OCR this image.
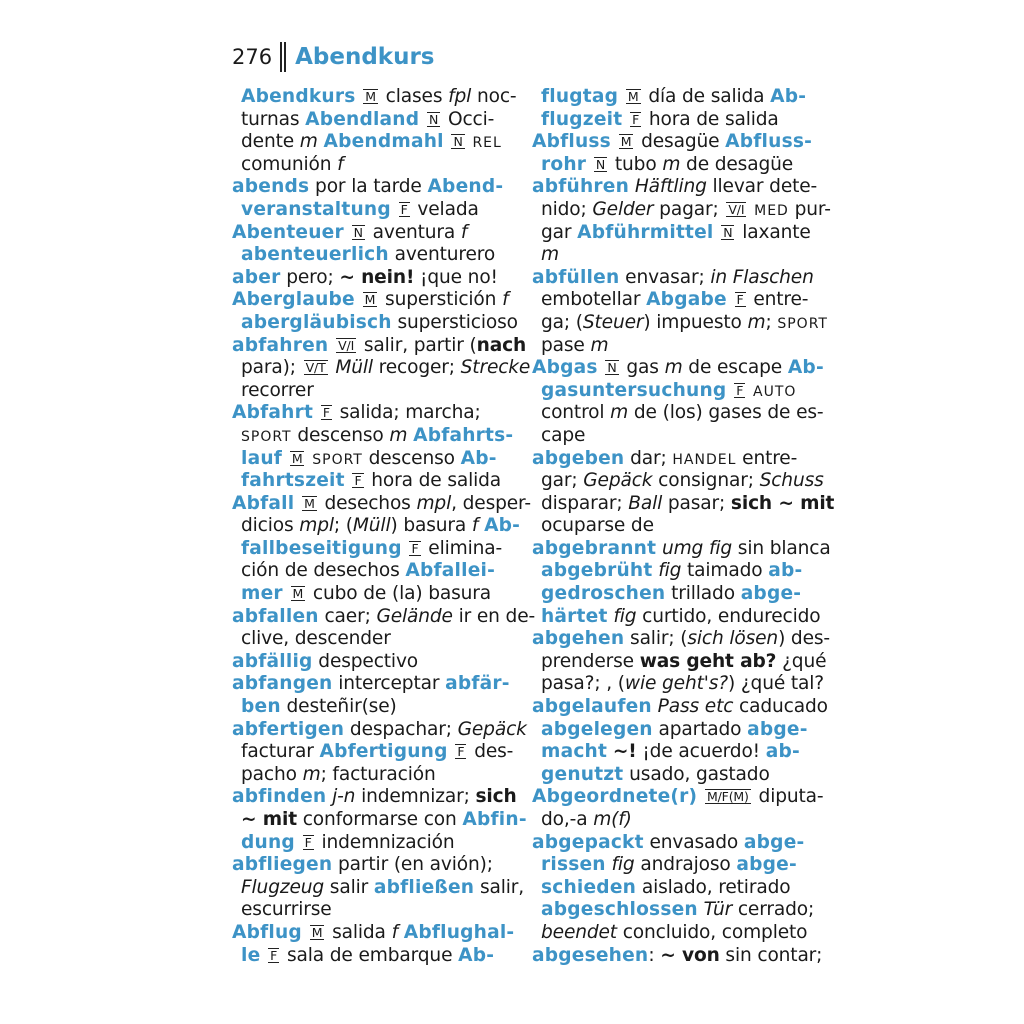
276 Abendkurs
Abendkurs M clases fpl noc-
turnas Abendland N Occi-
dente m Abendmahl N REL
comunión f
abends por la tarde Abend-
veranstaltung F velada
Abenteuer N aventura f
abenteuerlich aventurero
aber pero; ~ nein! ¡que no!
Aberglaube M superstición f
abergläubisch supersticioso
abfahren V/I salir, partir (nach
para); V/T Müll recoger; Strecke
recorrer
Abfahrt F salida; marcha;
SPORT descenso m Abfahrts-
lauf M SPORT descenso Ab-
fahrtszeit F hora de salida
Abfall M desechos mpl, desper-
dicios mpl; (Müll) basura f Ab-
fallbeseitigung F elimina-
ción de desechos Abfallei-
mer M cubo de (la) basura
abfallen caer; Gelände ir en de-
clive, descender
abfällig despectivo
abfangen interceptar abfär-
ben desteñir(se)
abfertigen despachar; Gepäck
facturar Abfertigung F des-
pacho m; facturación
abfinden j-n indemnizar; sich
~ mit conformarse con Abfin-
dung F indemnización
abfliegen partir (en avión);
Flugzeug salir abfließen salir,
escurrirse
Abflug M salida f Abflughal-
le F sala de embarque Ab-
flugtag M día de salida Ab-
flugzeit F hora de salida
Abfluss M desagüe Abfluss-
rohr N tubo m de desagüe
abführen Häftling llevar dete-
nido; Gelder pagar; V/I MED pur-
gar Abführmittel N laxante
m
abfüllen envasar; in Flaschen
embotellar Abgabe F entre-
ga; (Steuer) impuesto m; SPORT
pase m
Abgas N gas m de escape Ab-
gasuntersuchung F AUTO
control m de (los) gases de es-
cape
abgeben dar; HANDEL entre-
gar; Gepäck consignar; Schuss
disparar; Ball pasar; sich ~ mit
ocuparse de
abgebrannt umg fig sin blanca
abgebrüht fig taimado ab-
gedroschen trillado abge-
härtet fig curtido, endurecido
abgehen salir; (sich lösen) des-
prenderse was geht ab? ¿qué
pasa?; , (wie geht's?) ¿qué tal?
abgelaufen Pass etc caducado
abgelegen apartado abge-
macht ~! ¡de acuerdo! ab-
genutzt usado, gastado
Abgeordnete(r) M/F(M) diputa-
do,-a m(f)
abgepackt envasado abge-
rissen fig andrajoso abge-
schieden aislado, retirado
abgeschlossen Tür cerrado;
beendet concluido, completo
abgesehen: ~ von sin contar;
